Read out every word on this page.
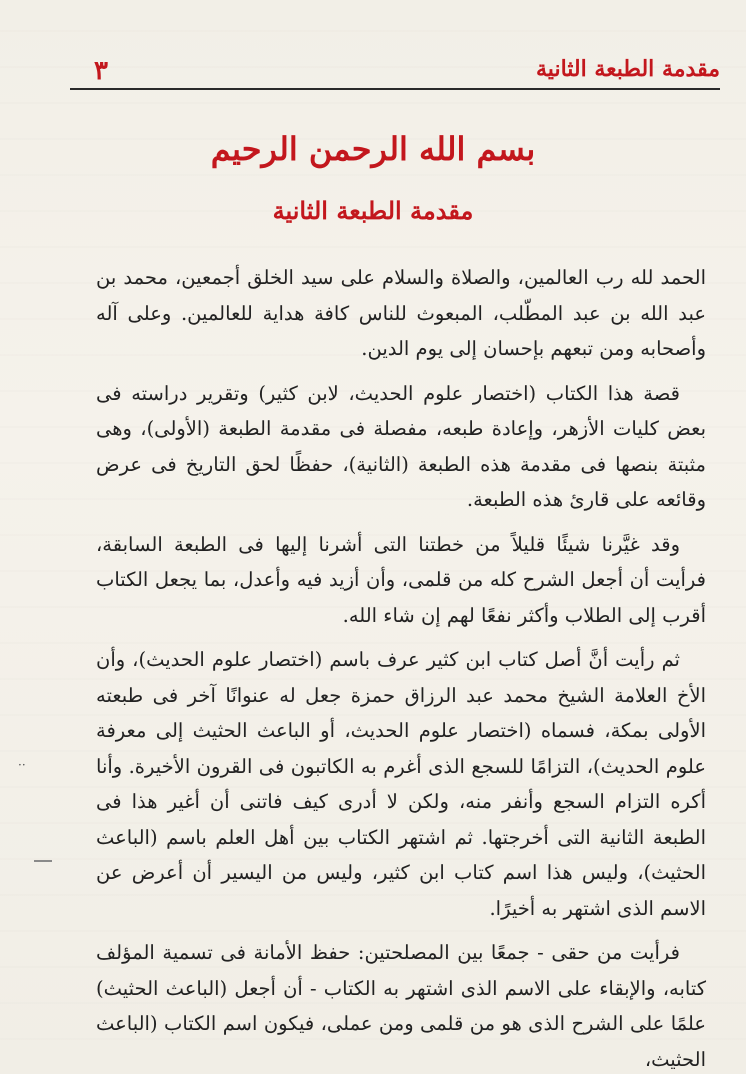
٣	مقدمة الطبعة الثانية
بسم الله الرحمن الرحيم
مقدمة الطبعة الثانية

الحمد لله رب العالمين، والصلاة والسلام على سيد الخلق أجمعين، محمد بن عبد الله بن عبد المطّلب، المبعوث للناس كافة هداية للعالمين. وعلى آله وأصحابه ومن تبعهم بإحسان إلى يوم الدين.

قصة هذا الكتاب (اختصار علوم الحديث، لابن كثير) وتقرير دراسته فى بعض كليات الأزهر، وإعادة طبعه، مفصلة فى مقدمة الطبعة (الأولى)، وهى مثبتة بنصها فى مقدمة هذه الطبعة (الثانية)، حفظًا لحق التاريخ فى عرض وقائعه على قارئ هذه الطبعة.

وقد غيَّرنا شيئًا قليلاً من خطتنا التى أشرنا إليها فى الطبعة السابقة، فرأيت أن أجعل الشرح كله من قلمى، وأن أزيد فيه وأعدل، بما يجعل الكتاب أقرب إلى الطلاب وأكثر نفعًا لهم إن شاء الله.

ثم رأيت أنَّ أصل كتاب ابن كثير عرف باسم (اختصار علوم الحديث)، وأن الأخ العلامة الشيخ محمد عبد الرزاق حمزة جعل له عنوانًا آخر فى طبعته الأولى بمكة، فسماه (اختصار علوم الحديث، أو الباعث الحثيث إلى معرفة علوم الحديث)، التزامًا للسجع الذى أغرم به الكاتبون فى القرون الأخيرة. وأنا أكره التزام السجع وأنفر منه، ولكن لا أدرى كيف فاتنى أن أغير هذا فى الطبعة الثانية التى أخرجتها. ثم اشتهر الكتاب بين أهل العلم باسم (الباعث الحثيث)، وليس هذا اسم كتاب ابن كثير، وليس من اليسير أن أعرض عن الاسم الذى اشتهر به أخيرًا.

فرأيت من حقى - جمعًا بين المصلحتين: حفظ الأمانة فى تسمية المؤلف كتابه، والإبقاء على الاسم الذى اشتهر به الكتاب - أن أجعل (الباعث الحثيث) علمًا على الشرح الذى هو من قلمى ومن عملى، فيكون اسم الكتاب (الباعث الحثيث،

··
